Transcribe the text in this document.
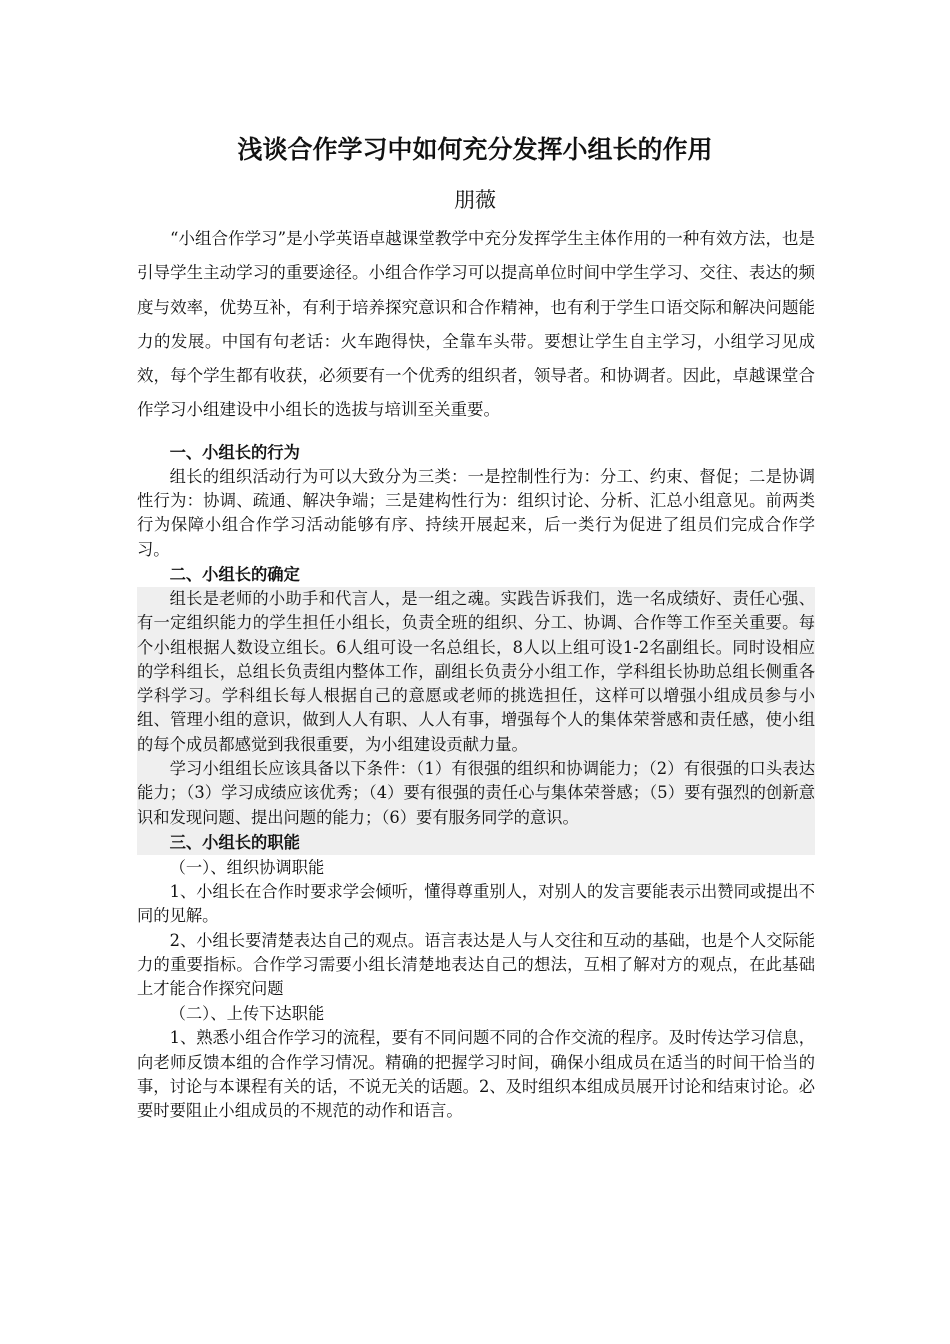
浅谈合作学习中如何充分发挥小组长的作用
朋薇

“小组合作学习”是小学英语卓越课堂教学中充分发挥学生主体作用的一种有效方法，也是引导学生主动学习的重要途径。小组合作学习可以提高单位时间中学生学习、交往、表达的频度与效率，优势互补，有利于培养探究意识和合作精神，也有利于学生口语交际和解决问题能力的发展。中国有句老话：火车跑得快，全靠车头带。要想让学生自主学习，小组学习见成效，每个学生都有收获，必须要有一个优秀的组织者，领导者。和协调者。因此，卓越课堂合作学习小组建设中小组长的选拔与培训至关重要。

一、小组长的行为

组长的组织活动行为可以大致分为三类：一是控制性行为：分工、约束、督促；二是协调性行为：协调、疏通、解决争端；三是建构性行为：组织讨论、分析、汇总小组意见。前两类行为保障小组合作学习活动能够有序、持续开展起来，后一类行为促进了组员们完成合作学习。

二、小组长的确定

组长是老师的小助手和代言人，是一组之魂。实践告诉我们，选一名成绩好、责任心强、有一定组织能力的学生担任小组长，负责全班的组织、分工、协调、合作等工作至关重要。每个小组根据人数设立组长。6人组可设一名总组长，8人以上组可设1-2名副组长。同时设相应的学科组长，总组长负责组内整体工作，副组长负责分小组工作，学科组长协助总组长侧重各学科学习。学科组长每人根据自己的意愿或老师的挑选担任，这样可以增强小组成员参与小组、管理小组的意识，做到人人有职、人人有事，增强每个人的集体荣誉感和责任感，使小组的每个成员都感觉到我很重要，为小组建设贡献力量。

学习小组组长应该具备以下条件：（1）有很强的组织和协调能力；（2）有很强的口头表达能力；（3）学习成绩应该优秀；（4）要有很强的责任心与集体荣誉感；（5）要有强烈的创新意识和发现问题、提出问题的能力；（6）要有服务同学的意识。

三、小组长的职能

（一）、组织协调职能

1、小组长在合作时要求学会倾听，懂得尊重别人，对别人的发言要能表示出赞同或提出不同的见解。

2、小组长要清楚表达自己的观点。语言表达是人与人交往和互动的基础，也是个人交际能力的重要指标。合作学习需要小组长清楚地表达自己的想法，互相了解对方的观点，在此基础上才能合作探究问题

（二）、上传下达职能

1、熟悉小组合作学习的流程，要有不同问题不同的合作交流的程序。及时传达学习信息，向老师反馈本组的合作学习情况。精确的把握学习时间，确保小组成员在适当的时间干恰当的事，讨论与本课程有关的话，不说无关的话题。2、及时组织本组成员展开讨论和结束讨论。必要时要阻止小组成员的不规范的动作和语言。
